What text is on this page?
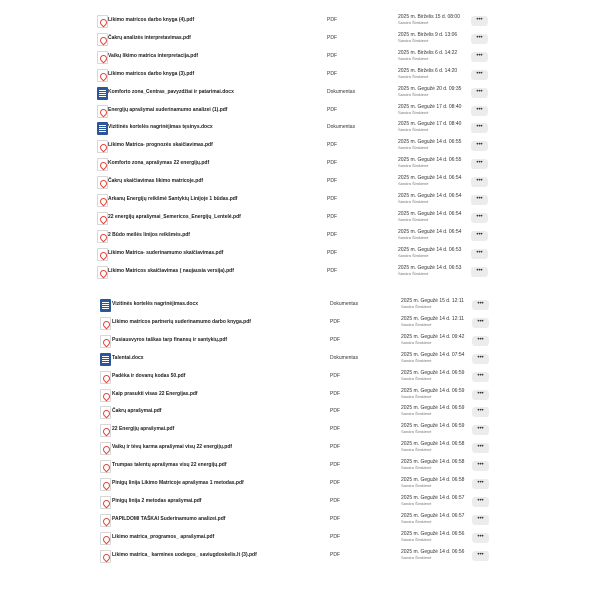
Likimo matricos darbo knyga (4).pdf	PDF	2025 m. Birželis 15 d. 08:00
Sandra Šimkienė	•••
Čakrų analizės interpretavimas.pdf	PDF	2025 m. Birželis 9 d. 13:06
Sandra Šimkienė	•••
Vaikų likimo matrica interpretacija.pdf	PDF	2025 m. Birželis 6 d. 14:22
Sandra Šimkienė	•••
Likimo matricos darbo knyga (3).pdf	PDF	2025 m. Birželis 6 d. 14:20
Sandra Šimkienė	•••
Komforto zona_Centras_pavyzdžiai ir patarimai.docx	Dokumentas	2025 m. Gegužė 20 d. 09:35
Sandra Šimkienė	•••
Energijų aprašymai suderinamumo analizei (1).pdf	PDF	2025 m. Gegužė 17 d. 08:40
Sandra Šimkienė	•••
Vizitinės kortelės nagrinėjimas tęsinys.docx	Dokumentas	2025 m. Gegužė 17 d. 08:40
Sandra Šimkienė	•••
Likimo Matrica- prognozės skaičiavimas.pdf	PDF	2025 m. Gegužė 14 d. 06:55
Sandra Šimkienė	•••
Komforto zona_aprašymas 22 energijų.pdf	PDF	2025 m. Gegužė 14 d. 06:55
Sandra Šimkienė	•••
Čakrų skaičiavimas likimo matricoje.pdf	PDF	2025 m. Gegužė 14 d. 06:54
Sandra Šimkienė	•••
Arkanų Energijų reikšmė Santykių Linijoje 1 būdas.pdf	PDF	2025 m. Gegužė 14 d. 06:54
Sandra Šimkienė	•••
22 energijų aprašymai_Semericos_Energijų_Lentelė.pdf	PDF	2025 m. Gegužė 14 d. 06:54
Sandra Šimkienė	•••
2 Būdo meilės linijos reikšmės.pdf	PDF	2025 m. Gegužė 14 d. 06:54
Sandra Šimkienė	•••
Likimo Matrica- suderinamumo skaičiavimas.pdf	PDF	2025 m. Gegužė 14 d. 06:53
Sandra Šimkienė	•••
Likimo Matricos skaičiavimas ( naujausia versija).pdf	PDF	2025 m. Gegužė 14 d. 06:53
Sandra Šimkienė	•••
Vizitinės kortelės nagrinėjimas.docx	Dokumentas	2025 m. Gegužė 15 d. 12:11
Sandra Šimkienė	•••
Likimo matricos partnerių suderinamumo darbo knyga.pdf	PDF	2025 m. Gegužė 14 d. 12:11
Sandra Šimkienė	•••
Pusiausvyros taškas tarp finansų ir santykių.pdf	PDF	2025 m. Gegužė 14 d. 09:42
Sandra Šimkienė	•••
Talentai.docx	Dokumentas	2025 m. Gegužė 14 d. 07:54
Sandra Šimkienė	•••
Padėka ir dovanų kodas 50.pdf	PDF	2025 m. Gegužė 14 d. 06:59
Sandra Šimkienė	•••
Kaip prasukti visas 22 Energijas.pdf	PDF	2025 m. Gegužė 14 d. 06:59
Sandra Šimkienė	•••
Čakrų aprašymai.pdf	PDF	2025 m. Gegužė 14 d. 06:59
Sandra Šimkienė	•••
22 Energijų aprašymai.pdf	PDF	2025 m. Gegužė 14 d. 06:59
Sandra Šimkienė	•••
Vaikų ir tėvų karma aprašymai visų 22 energijų.pdf	PDF	2025 m. Gegužė 14 d. 06:58
Sandra Šimkienė	•••
Trumpas talentų aprašymas visų 22 energijų.pdf	PDF	2025 m. Gegužė 14 d. 06:58
Sandra Šimkienė	•••
Pinigų linija Likimo Matricoje aprašymas 1 metodas.pdf	PDF	2025 m. Gegužė 14 d. 06:58
Sandra Šimkienė	•••
Pinigų linija 2 metodas aprašymai.pdf	PDF	2025 m. Gegužė 14 d. 06:57
Sandra Šimkienė	•••
PAPILDOMI TAŠKAI Suderinamumo analizei.pdf	PDF	2025 m. Gegužė 14 d. 06:57
Sandra Šimkienė	•••
Likimo matrica_programos_ aprašymai.pdf	PDF	2025 m. Gegužė 14 d. 06:56
Sandra Šimkienė	•••
Likimo matrica_ karmines uodegos_ saviugdoskelis.lt (3).pdf	PDF	2025 m. Gegužė 14 d. 06:56
Sandra Šimkienė	•••
